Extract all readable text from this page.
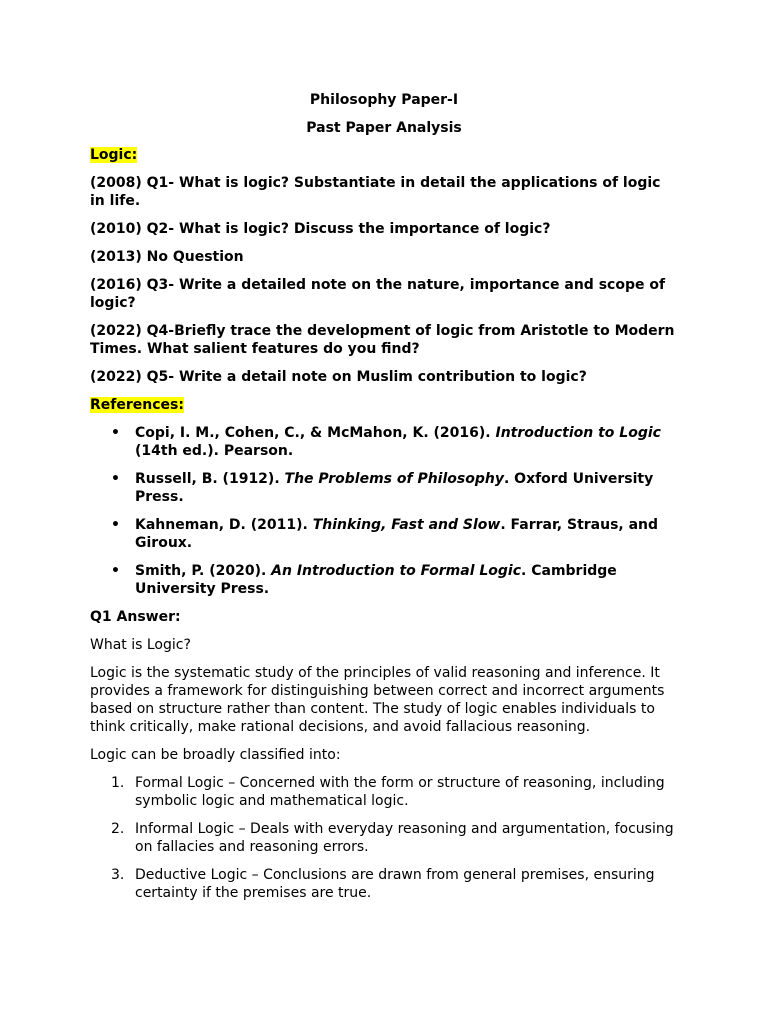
Philosophy Paper-I

Past Paper Analysis

Logic:

(2008) Q1- What is logic? Substantiate in detail the applications of logic in life.

(2010) Q2- What is logic? Discuss the importance of logic?

(2013) No Question

(2016) Q3- Write a detailed note on the nature, importance and scope of logic?

(2022) Q4-Briefly trace the development of logic from Aristotle to Modern Times. What salient features do you find?

(2022) Q5- Write a detail note on Muslim contribution to logic?

References:

• Copi, I. M., Cohen, C., & McMahon, K. (2016). Introduction to Logic (14th ed.). Pearson.
• Russell, B. (1912). The Problems of Philosophy. Oxford University Press.
• Kahneman, D. (2011). Thinking, Fast and Slow. Farrar, Straus, and Giroux.
• Smith, P. (2020). An Introduction to Formal Logic. Cambridge University Press.

Q1 Answer:

What is Logic?

Logic is the systematic study of the principles of valid reasoning and inference. It provides a framework for distinguishing between correct and incorrect arguments based on structure rather than content. The study of logic enables individuals to think critically, make rational decisions, and avoid fallacious reasoning.

Logic can be broadly classified into:

1. Formal Logic – Concerned with the form or structure of reasoning, including symbolic logic and mathematical logic.
2. Informal Logic – Deals with everyday reasoning and argumentation, focusing on fallacies and reasoning errors.
3. Deductive Logic – Conclusions are drawn from general premises, ensuring certainty if the premises are true.
